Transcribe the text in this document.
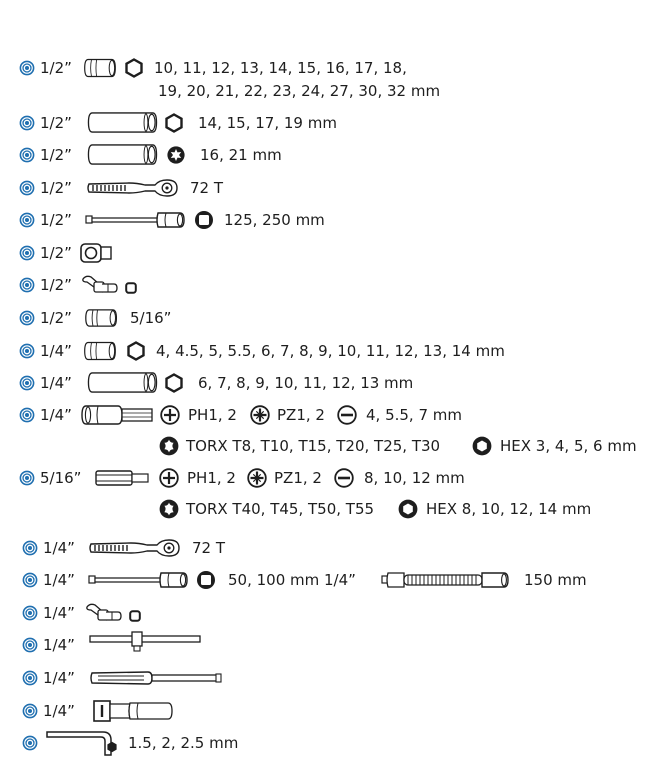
1/2”	10, 11, 12, 13, 14, 15, 16, 17, 18,
19, 20, 21, 22, 23, 24, 27, 30, 32 mm
1/2”	14, 15, 17, 19 mm
1/2”	16, 21 mm
1/2”	72 T
1/2”	125, 250 mm
1/2”
1/2”
1/2”	5/16”
1/4”	4, 4.5, 5, 5.5, 6, 7, 8, 9, 10, 11, 12, 13, 14 mm
1/4”	6, 7, 8, 9, 10, 11, 12, 13 mm
1/4”	PH1, 2	PZ1, 2	4, 5.5, 7 mm
TORX T8, T10, T15, T20, T25, T30	HEX 3, 4, 5, 6 mm
5/16”	PH1, 2	PZ1, 2	8, 10, 12 mm
TORX T40, T45, T50, T55	HEX 8, 10, 12, 14 mm
1/4”	72 T
1/4”	50, 100 mm 1/4”	150 mm
1/4”
1/4”
1/4”
1/4”
1.5, 2, 2.5 mm
